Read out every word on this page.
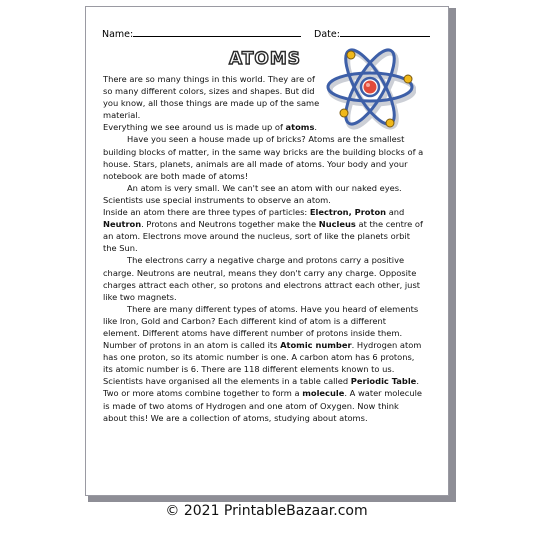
Name:	Date:
ATOMS

There are so many things in this world. They are of so many different colors, sizes and shapes. But did you know, all those things are made up of the same material.

Everything we see around us is made up of atoms.

Have you seen a house made up of bricks? Atoms are the smallest building blocks of matter, in the same way bricks are the building blocks of a house. Stars, planets, animals are all made of atoms. Your body and your notebook are both made of atoms!

An atom is very small. We can't see an atom with our naked eyes. Scientists use special instruments to observe an atom.

Inside an atom there are three types of particles: Electron, Proton and Neutron. Protons and Neutrons together make the Nucleus at the centre of an atom. Electrons move around the nucleus, sort of like the planets orbit the Sun.

The electrons carry a negative charge and protons carry a positive charge. Neutrons are neutral, means they don't carry any charge. Opposite charges attract each other, so protons and electrons attract each other, just like two magnets.

There are many different types of atoms. Have you heard of elements like Iron, Gold and Carbon? Each different kind of atom is a different element. Different atoms have different number of protons inside them. Number of protons in an atom is called its Atomic number. Hydrogen atom has one proton, so its atomic number is one. A carbon atom has 6 protons, its atomic number is 6. There are 118 different elements known to us. Scientists have organised all the elements in a table called Periodic Table. Two or more atoms combine together to form a molecule. A water molecule is made of two atoms of Hydrogen and one atom of Oxygen. Now think about this! We are a collection of atoms, studying about atoms.

© 2021 PrintableBazaar.com
